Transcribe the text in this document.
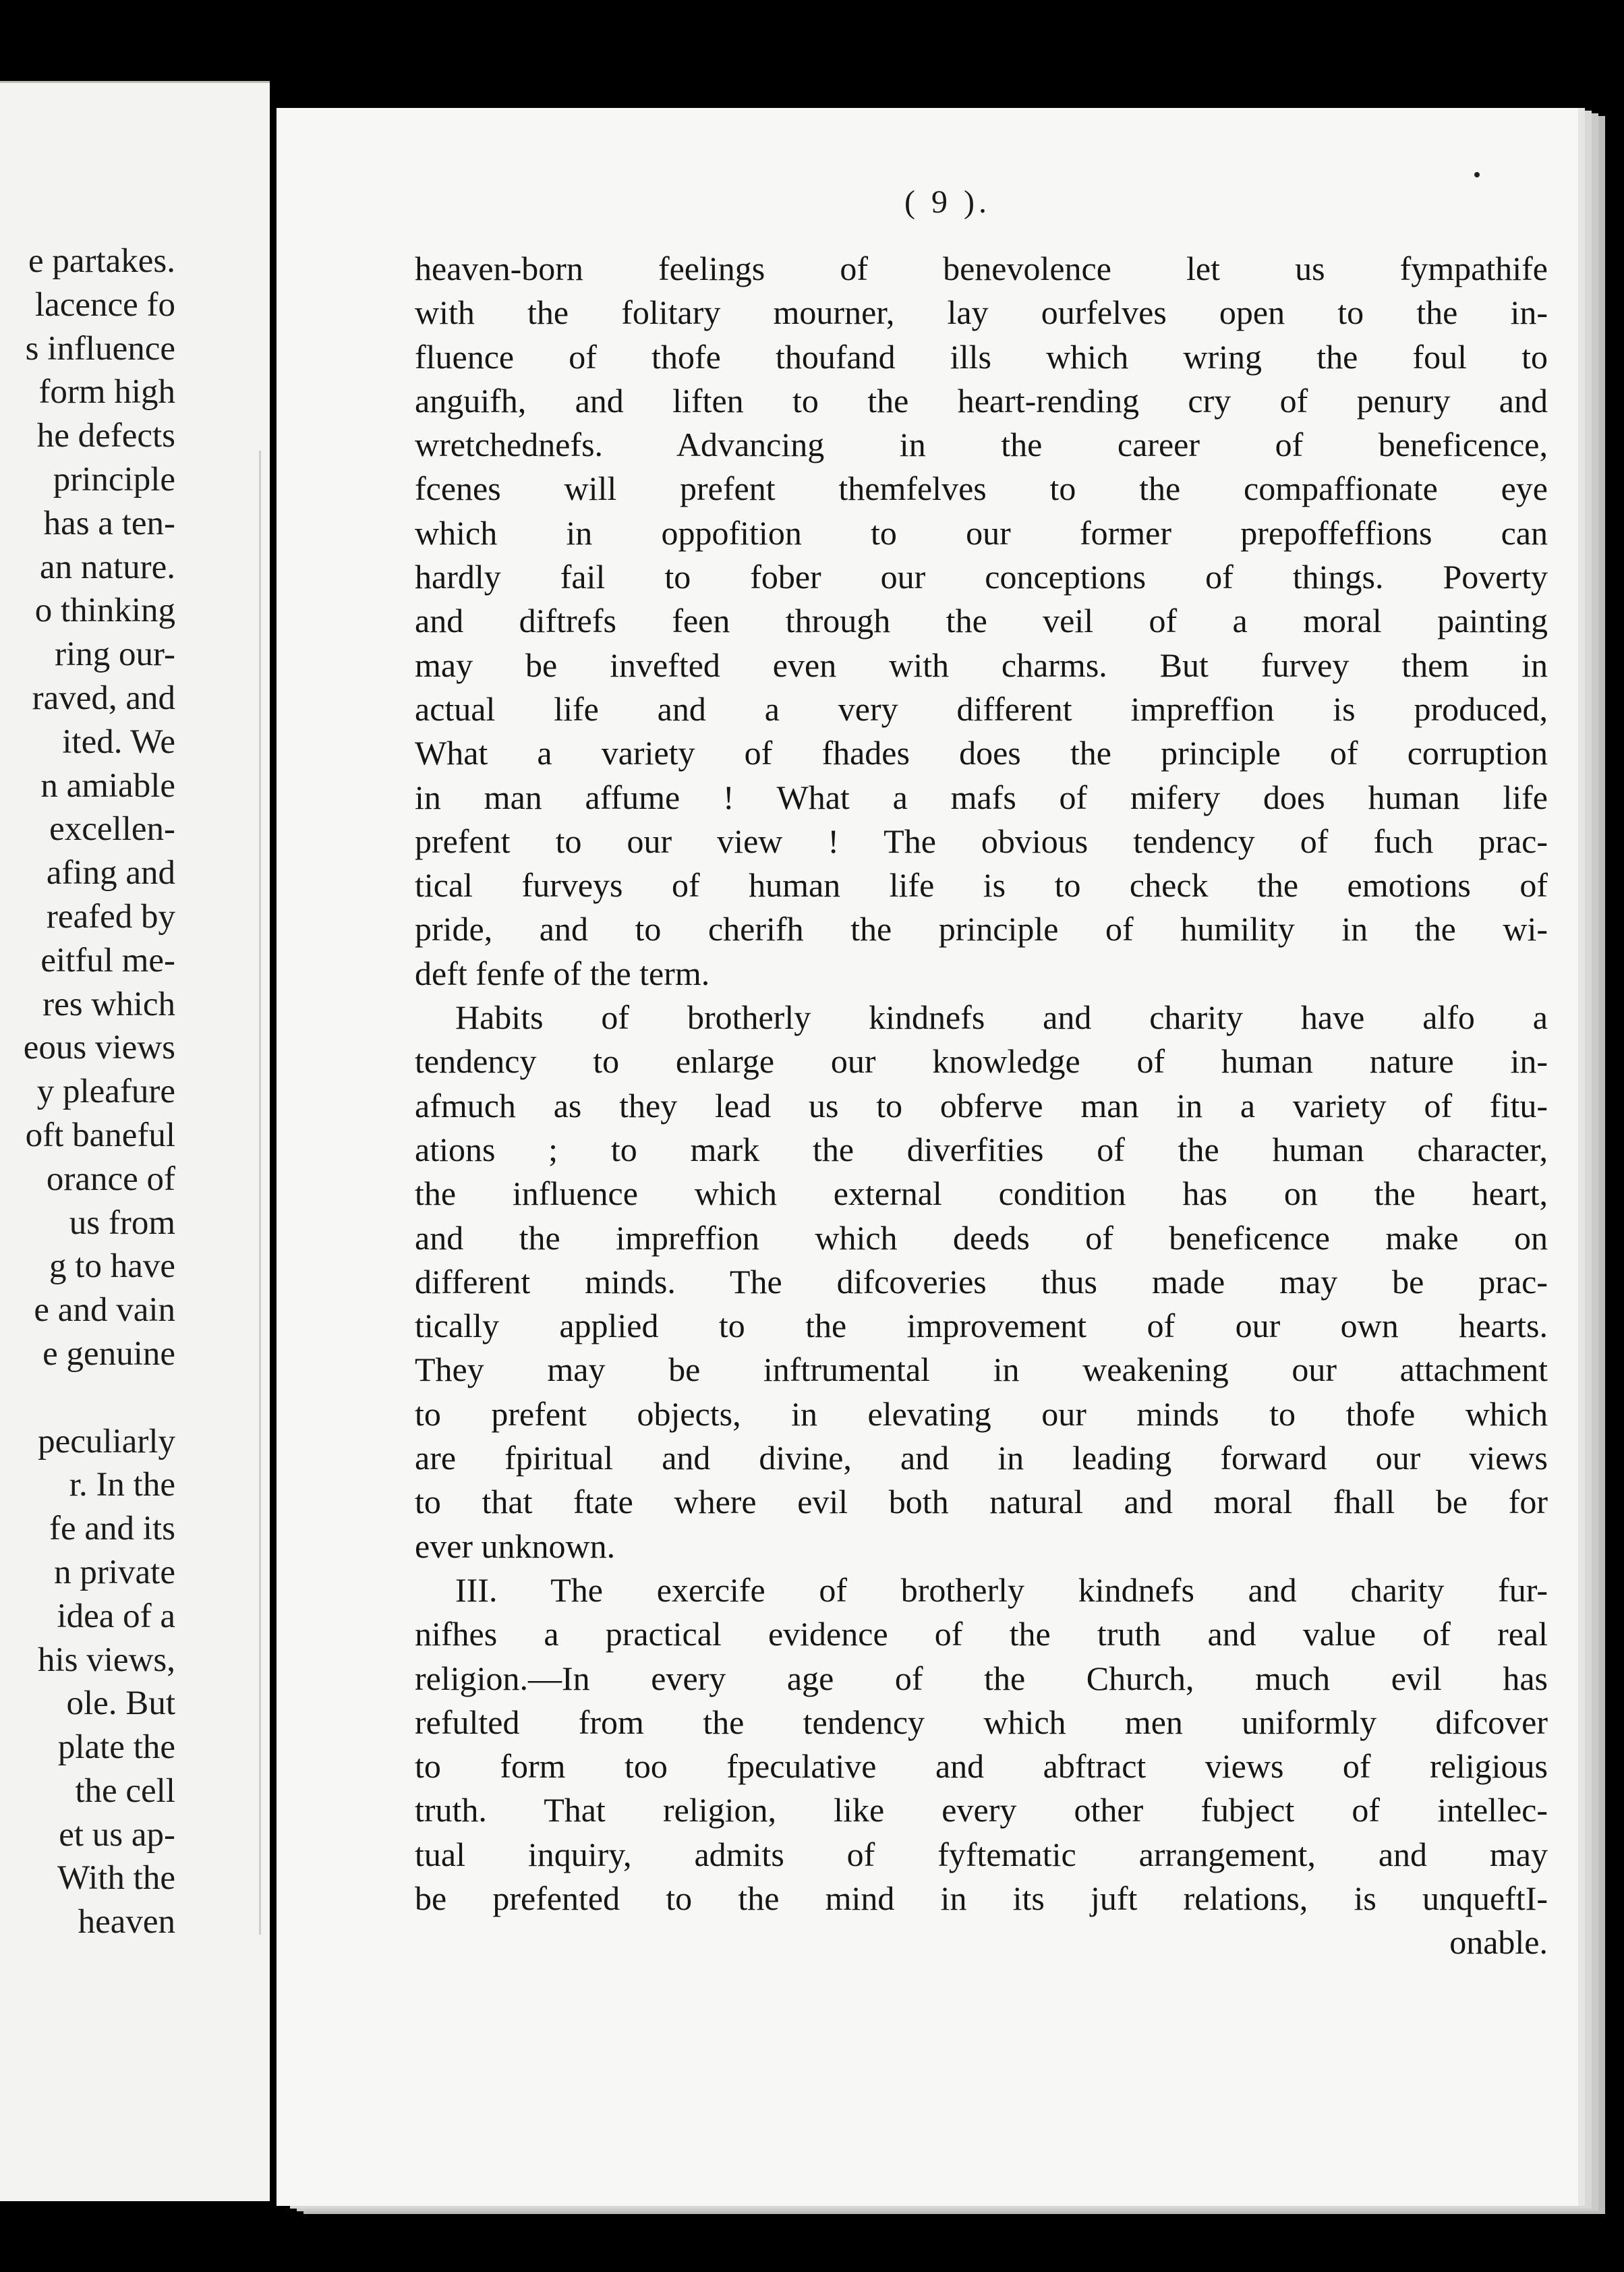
e partakes.
lacence fo
s influence
form high
he defects
principle
has a ten-
an nature.
o thinking
ring our-
raved, and
ited. We
n amiable
excellen-
afing and
reafed by
eitful me-
res which
eous views
y pleafure
oft baneful
orance of
us from
g to have
e and vain
e genuine
peculiarly
r. In the
fe and its
n private
idea of a
his views,
ole. But
plate the
the cell
et us ap-
With the
heaven
( 9 ).
heaven-born feelings of benevolence let us fympathife
with the folitary mourner, lay ourfelves open to the in-
fluence of thofe thoufand ills which wring the foul to
anguifh, and liften to the heart-rending cry of penury and
wretchednefs. Advancing in the career of beneficence,
fcenes will prefent themfelves to the compaffionate eye
which in oppofition to our former prepoffeffions can
hardly fail to fober our conceptions of things. Poverty
and diftrefs feen through the veil of a moral painting
may be invefted even with charms. But furvey them in
actual life and a very different impreffion is produced,
What a variety of fhades does the principle of corruption
in man affume ! What a mafs of mifery does human life
prefent to our view ! The obvious tendency of fuch prac-
tical furveys of human life is to check the emotions of
pride, and to cherifh the principle of humility in the wi-
deft fenfe of the term.
Habits of brotherly kindnefs and charity have alfo a
tendency to enlarge our knowledge of human nature in-
afmuch as they lead us to obferve man in a variety of fitu-
ations ; to mark the diverfities of the human character,
the influence which external condition has on the heart,
and the impreffion which deeds of beneficence make on
different minds. The difcoveries thus made may be prac-
tically applied to the improvement of our own hearts.
They may be inftrumental in weakening our attachment
to prefent objects, in elevating our minds to thofe which
are fpiritual and divine, and in leading forward our views
to that ftate where evil both natural and moral fhall be for
ever unknown.
III. The exercife of brotherly kindnefs and charity fur-
nifhes a practical evidence of the truth and value of real
religion.—In every age of the Church, much evil has
refulted from the tendency which men uniformly difcover
to form too fpeculative and abftract views of religious
truth. That religion, like every other fubject of intellec-
tual inquiry, admits of fyftematic arrangement, and may
be prefented to the mind in its juft relations, is unqueftI-
onable.
